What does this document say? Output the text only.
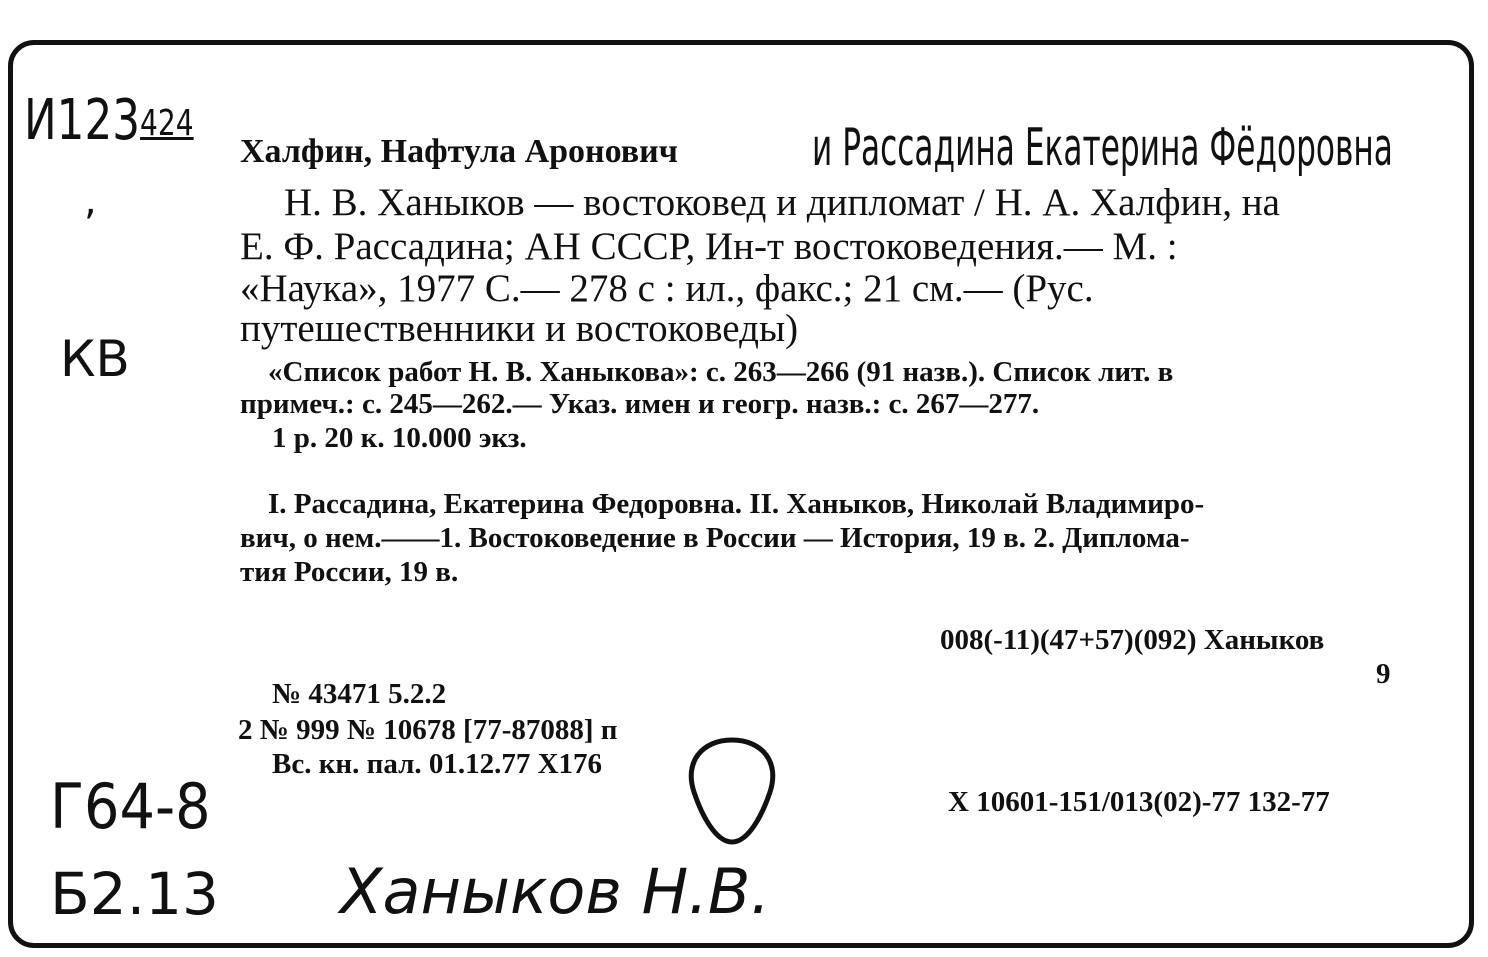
И123424
,
и Рассадина Екатерина Фёдоровна
КВ
Г64-8
Б2.13 Ханыков Н.В.
Халфин, Нафтула Аронович
Н. В. Ханыков — востоковед и дипломат / Н. А. Халфин, на
Е. Ф. Рассадина; АН СССР, Ин-т востоковедения.— М. :
«Наука», 1977 С.— 278 с : ил., факс.; 21 см.— (Рус.
путешественники и востоковеды)
«Список работ Н. В. Ханыкова»: с. 263—266 (91 назв.). Список лит. в
примеч.: с. 245—262.— Указ. имен и геогр. назв.: с. 267—277.
1 р. 20 к. 10.000 экз.
I. Рассадина, Екатерина Федоровна. II. Ханыков, Николай Владимиро-
вич, о нем.——1. Востоковедение в России — История, 19 в. 2. Диплома-
тия России, 19 в.
008(-11)(47+57)(092) Ханыков
9
X 10601-151/013(02)-77 132-77
№ 43471 5.2.2
2 № 999 № 10678 [77-87088] п
Вс. кн. пал. 01.12.77 X176
